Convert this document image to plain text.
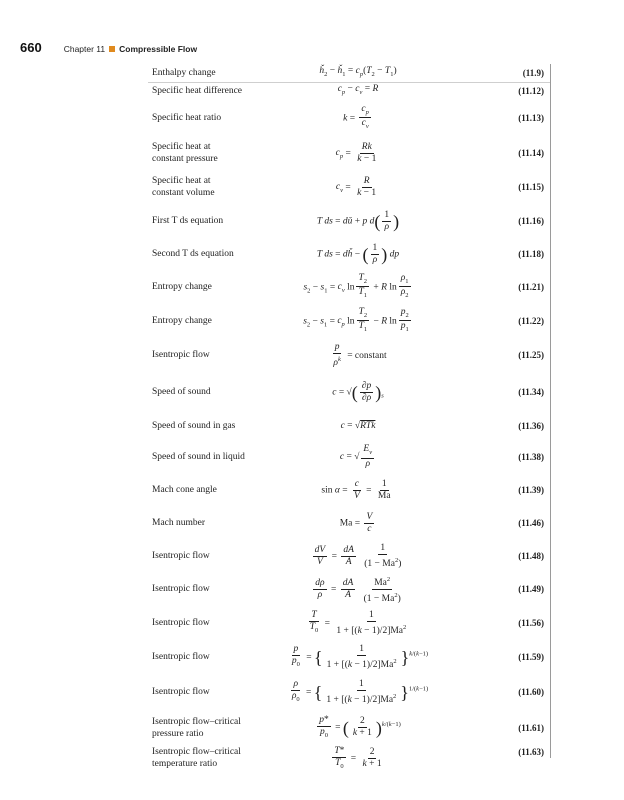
660	Chapter 11 Compressible Flow
Enthalpy change	$ȟ_2$ − $ȟ_1 = c_p(T_2 - T_1)$	(11.9)
Specific heat difference	$c_p - c_v = R$	(11.12)
Specific heat ratio	$k = \frac{c_p}{c_v}$	(11.13)
Specific heat at
constant pressure
$c_p = \frac{Rk}{k - 1}$	(11.14)
Specific heat at
constant volume
$c_v = \frac{R}{k - 1}$	(11.15)
First T ds equation	T ds = dǔ + p $d( \frac{1}{\rho}$ )	(11.16)
Second T ds equation	T ds = dȟ − ( $\frac{1}{\rho}$ ) dp	(11.18)
Entropy change	$s_2 - s_1 = c_v$ $\ln \frac{T_2}{T_1} + R$ $\ln \frac{\rho_1}{\rho_2}$	(11.21)
Entropy change	$s_2 - s_1 = c_p$ $\ln \frac{T_2}{T_1} - R$ $\ln \frac{p_2}{p_1}$	(11.22)
Isentropic flow	$\frac{p}{\rho^k}$ = constant	(11.25)
Speed of sound	c = √( $\frac{\partial p}{\partial\rho} )_s$	(11.34)
Speed of sound in gas	c = √RTk	(11.36)
Speed of sound in liquid	c = √ $\frac{E_v}{\rho}$	(11.38)
Mach cone angle	$\sin \alpha = \frac{c}{V} = \frac{1}{Ma}$	(11.39)
Mach number	$Ma = \frac{V}{c}$	(11.46)
Isentropic flow	$\frac{dV}{V} = \frac{dA}{A}$
$\frac{1}{(1 - Ma^2)}$	(11.48)
Isentropic flow	$\frac{d\rho}{\rho} = \frac{dA}{A}$
$\frac{Ma^2}{(1 - Ma^2)}$	(11.49)
Isentropic flow	$\frac{T}{T_0} = \frac{1}{1 + [(k - 1)/2]Ma^2}$	(11.56)
Isentropic flow	$\frac{p}{p_0}$ = { $\frac{1}{1 + [(k - 1)/2]Ma^2} \}^{k/(k-1)}$	(11.59)
Isentropic flow	$\frac{\rho}{\rho_0}$ = { $\frac{1}{1 + [(k - 1)/2]Ma^2} \}^{1/(k-1)}$	(11.60)
Isentropic flow–critical
pressure ratio	$\frac{p*}{p_0}$ = ( $\frac{2}{k + 1} )^{k/(k-1)}$	(11.61)
Isentropic flow–critical
temperature ratio	$\frac{T*}{T_0} = \frac{2}{k + 1}$	(11.63)
